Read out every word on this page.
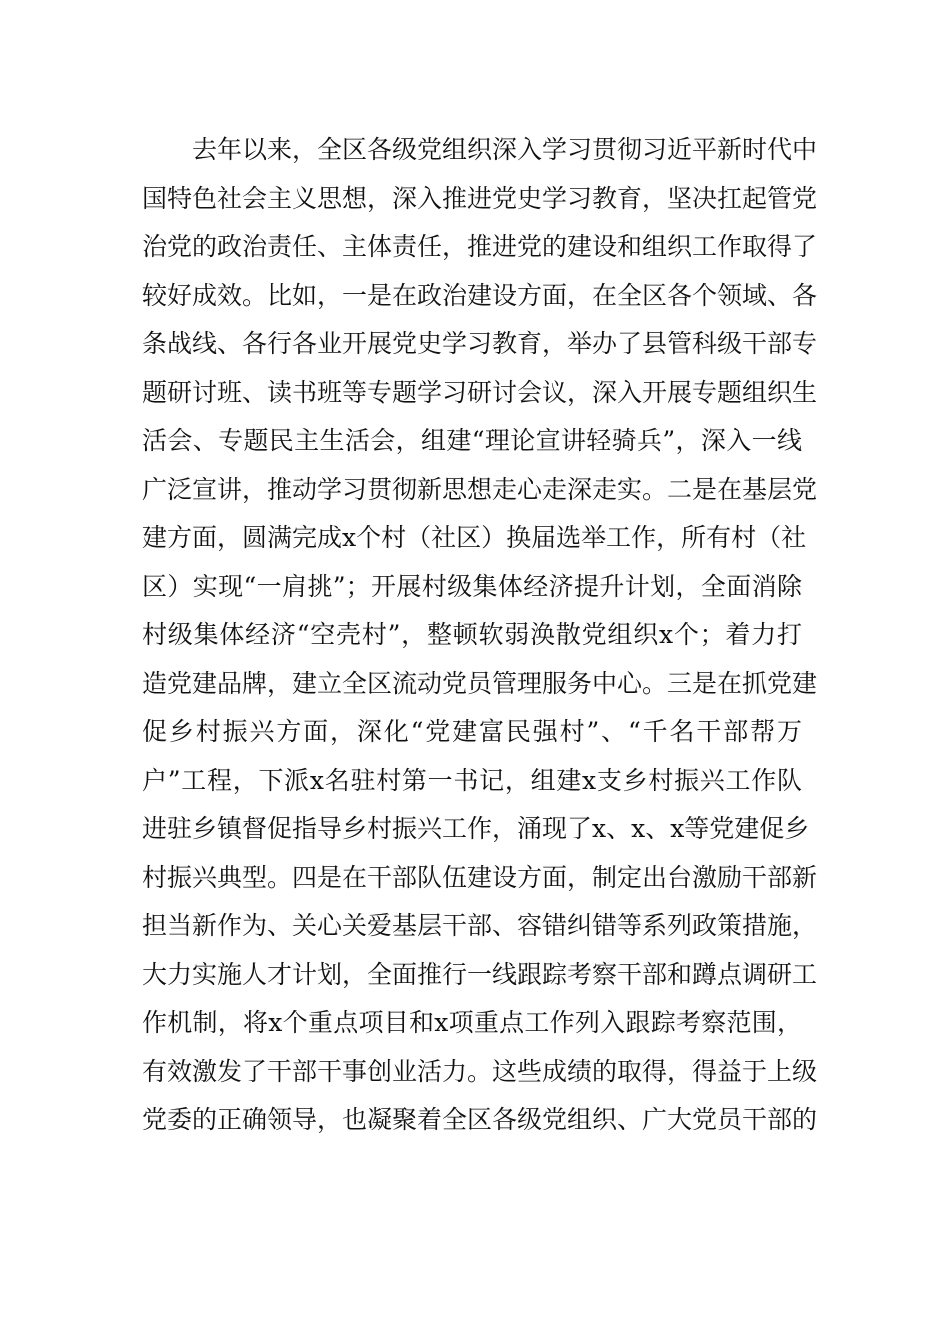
去年以来，全区各级党组织深入学习贯彻习近平新时代中
国特色社会主义思想，深入推进党史学习教育，坚决扛起管党
治党的政治责任、主体责任，推进党的建设和组织工作取得了
较好成效。比如，一是在政治建设方面，在全区各个领域、各
条战线、各行各业开展党史学习教育，举办了县管科级干部专
题研讨班、读书班等专题学习研讨会议，深入开展专题组织生
活会、专题民主生活会，组建“理论宣讲轻骑兵”，深入一线
广泛宣讲，推动学习贯彻新思想走心走深走实。二是在基层党
建方面，圆满完成x个村（社区）换届选举工作，所有村（社
区）实现“一肩挑”；开展村级集体经济提升计划，全面消除
村级集体经济“空壳村”，整顿软弱涣散党组织x个；着力打
造党建品牌，建立全区流动党员管理服务中心。三是在抓党建
促乡村振兴方面，深化“党建富民强村”、“千名干部帮万
户”工程，下派x名驻村第一书记，组建x支乡村振兴工作队
进驻乡镇督促指导乡村振兴工作，涌现了x、x、x等党建促乡
村振兴典型。四是在干部队伍建设方面，制定出台激励干部新
担当新作为、关心关爱基层干部、容错纠错等系列政策措施，
大力实施人才计划，全面推行一线跟踪考察干部和蹲点调研工
作机制，将x个重点项目和x项重点工作列入跟踪考察范围，
有效激发了干部干事创业活力。这些成绩的取得，得益于上级
党委的正确领导，也凝聚着全区各级党组织、广大党员干部的
